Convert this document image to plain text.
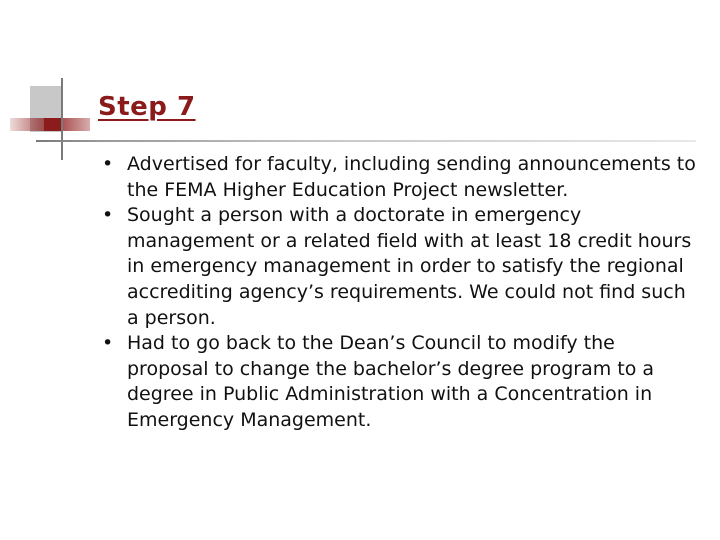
Step 7
• Advertised for faculty, including sending announcements to the FEMA Higher Education Project newsletter.
• Sought a person with a doctorate in emergency management or a related field with at least 18 credit hours in emergency management in order to satisfy the regional accrediting agency’s requirements. We could not find such a person.
• Had to go back to the Dean’s Council to modify the proposal to change the bachelor’s degree program to a degree in Public Administration with a Concentration in Emergency Management.
